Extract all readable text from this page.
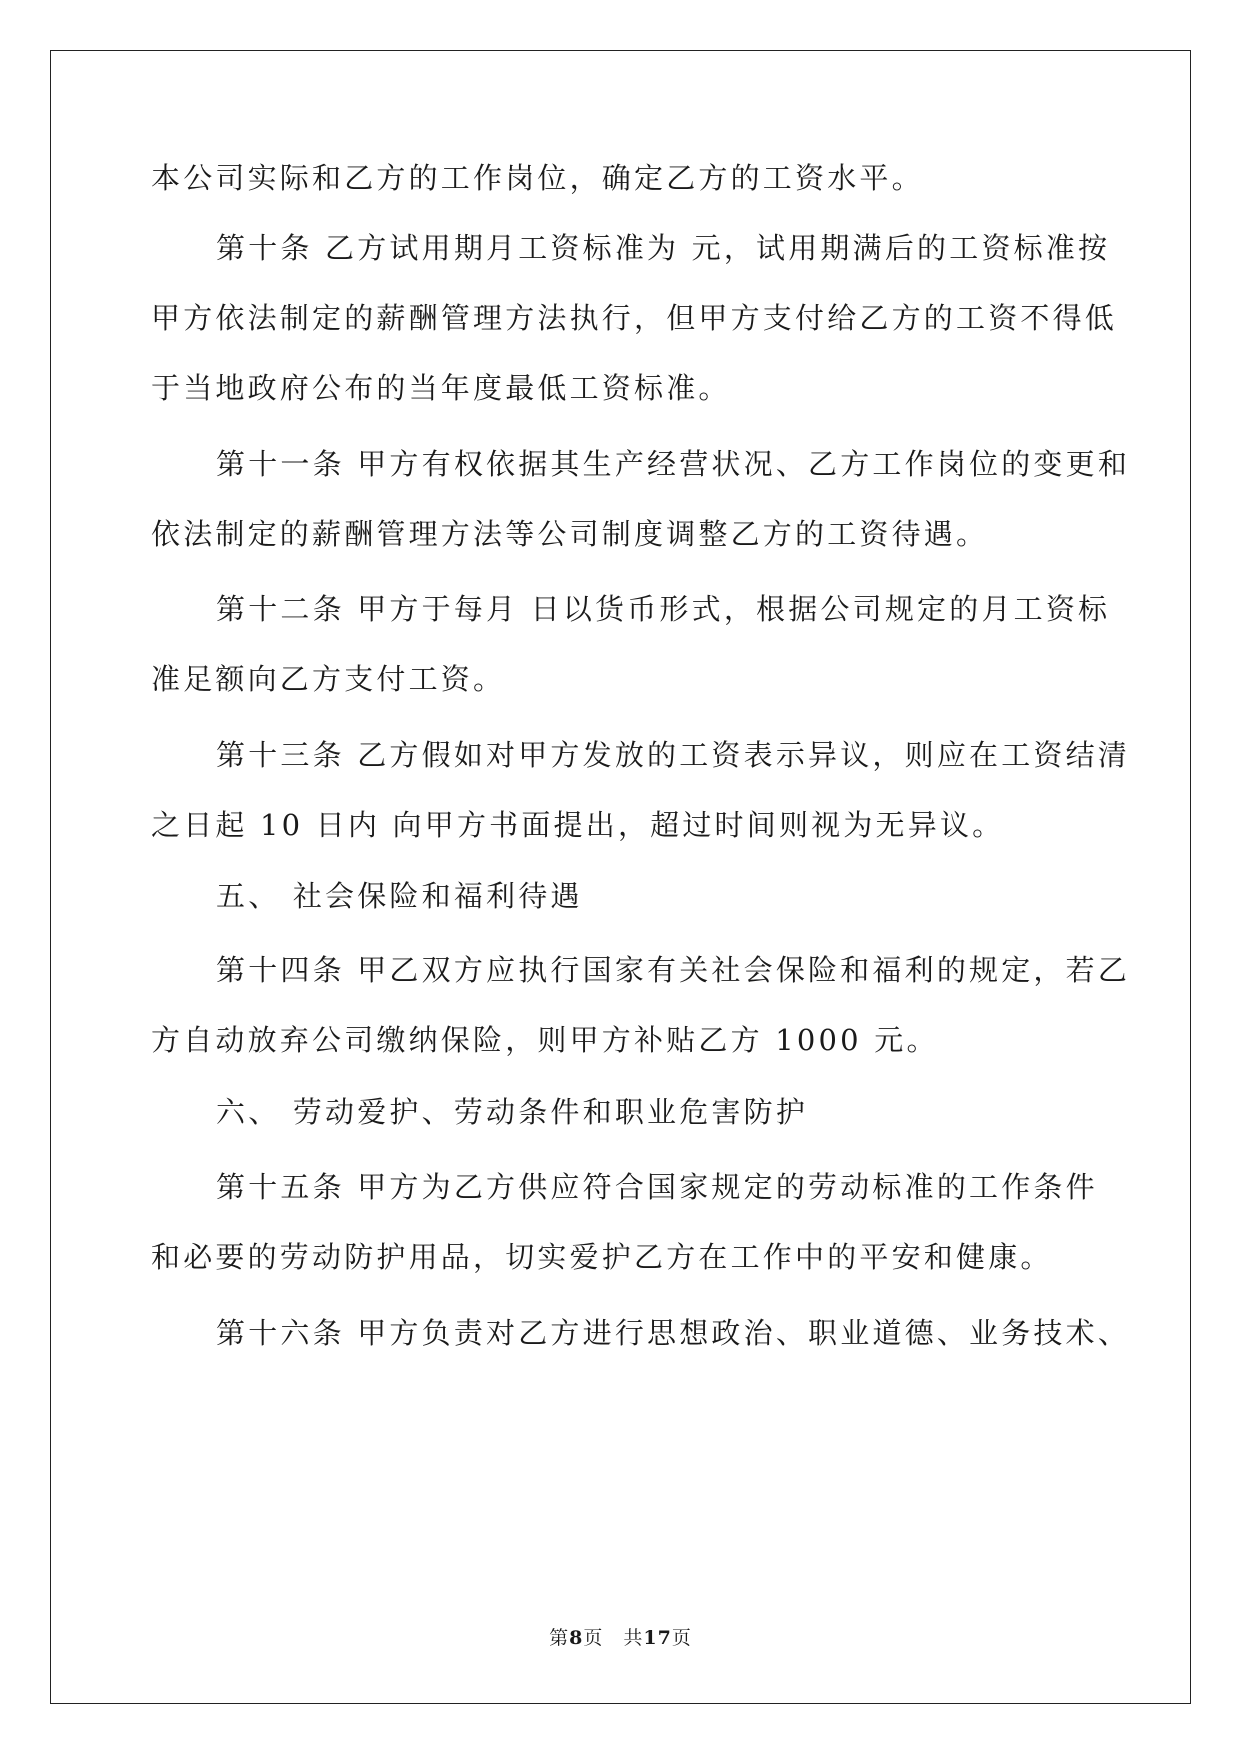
本公司实际和乙方的工作岗位，确定乙方的工资水平。
第十条 乙方试用期月工资标准为 元，试用期满后的工资标准按
甲方依法制定的薪酬管理方法执行，但甲方支付给乙方的工资不得低
于当地政府公布的当年度最低工资标准。
第十一条 甲方有权依据其生产经营状况、乙方工作岗位的变更和
依法制定的薪酬管理方法等公司制度调整乙方的工资待遇。
第十二条 甲方于每月 日以货币形式，根据公司规定的月工资标
准足额向乙方支付工资。
第十三条 乙方假如对甲方发放的工资表示异议，则应在工资结清
之日起 10 日内 向甲方书面提出，超过时间则视为无异议。
五、 社会保险和福利待遇
第十四条 甲乙双方应执行国家有关社会保险和福利的规定，若乙
方自动放弃公司缴纳保险，则甲方补贴乙方 1000 元。
六、 劳动爱护、劳动条件和职业危害防护
第十五条 甲方为乙方供应符合国家规定的劳动标准的工作条件
和必要的劳动防护用品，切实爱护乙方在工作中的平安和健康。
第十六条 甲方负责对乙方进行思想政治、职业道德、业务技术、
第8页　 共17页
